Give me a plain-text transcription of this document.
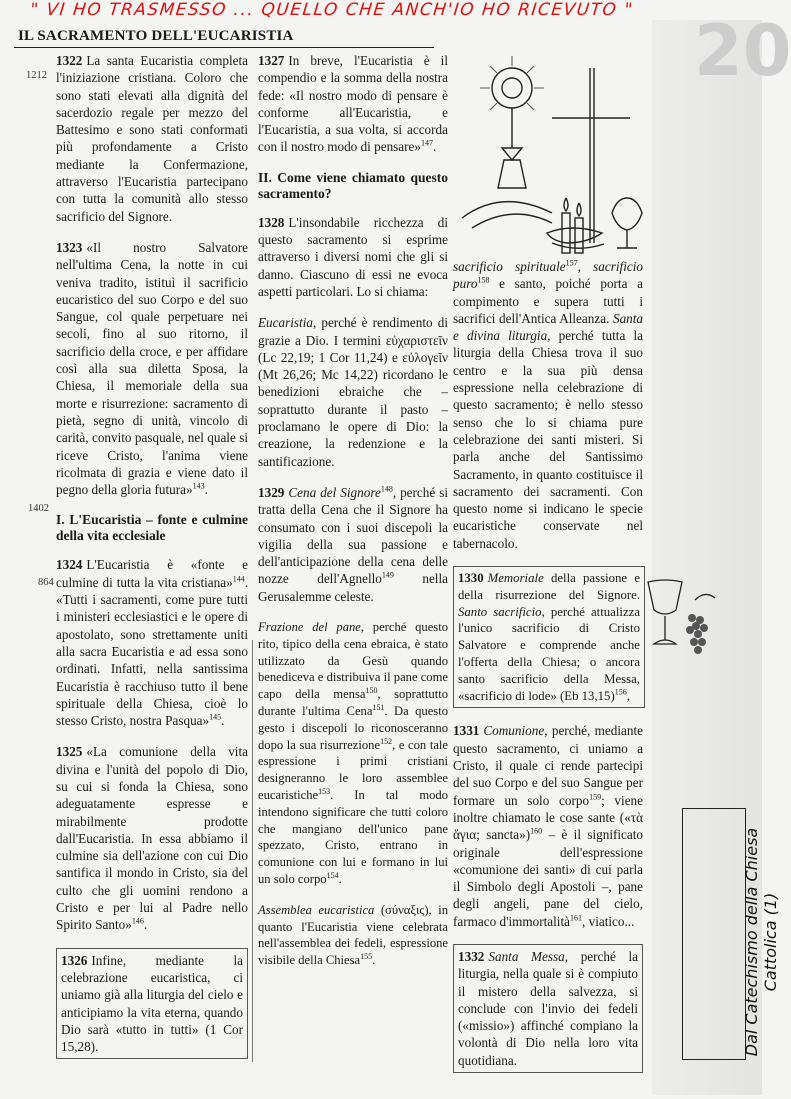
20
" VI HO TRASMESSO ... QUELLO CHE ANCH'IO HO RICEVUTO "
IL SACRAMENTO DELL'EUCARISTIA
1212
1402
864

1322 La santa Eucaristia completa l'iniziazione cristiana. Coloro che sono stati elevati alla dignità del sacerdozio regale per mezzo del Battesimo e sono stati conformati più profondamente a Cristo mediante la Confermazione, attraverso l'Eucaristia partecipano con tutta la comunità allo stesso sacrificio del Signore.

1323 «Il nostro Salvatore nell'ultima Cena, la notte in cui veniva tradito, istituì il sacrificio eucaristico del suo Corpo e del suo Sangue, col quale perpetuare nei secoli, fino al suo ritorno, il sacrificio della croce, e per affidare così alla sua diletta Sposa, la Chiesa, il memoriale della sua morte e risurrezione: sacramento di pietà, segno di unità, vincolo di carità, convito pasquale, nel quale si riceve Cristo, l'anima viene ricolmata di grazia e viene dato il pegno della gloria futura»$^{143}$.

I. L'Eucaristia – fonte e culmine della vita ecclesiale

1324 L'Eucaristia è «fonte e culmine di tutta la vita cristiana»$^{144}$. «Tutti i sacramenti, come pure tutti i ministeri ecclesiastici e le opere di apostolato, sono strettamente uniti alla sacra Eucaristia e ad essa sono ordinati. Infatti, nella santissima Eucaristia è racchiuso tutto il bene spirituale della Chiesa, cioè lo stesso Cristo, nostra Pasqua»$^{145}$.

1325 «La comunione della vita divina e l'unità del popolo di Dio, su cui si fonda la Chiesa, sono adeguatamente espresse e mirabilmente prodotte dall'Eucaristia. In essa abbiamo il culmine sia dell'azione con cui Dio santifica il mondo in Cristo, sia del culto che gli uomini rendono a Cristo e per lui al Padre nello Spirito Santo»$^{146}$.

1326 Infine, mediante la celebrazione eucaristica, ci uniamo già alla liturgia del cielo e anticipiamo la vita eterna, quando Dio sarà «tutto in tutti» (1 Cor 15,28).

1327 In breve, l'Eucaristia è il compendio e la somma della nostra fede: «Il nostro modo di pensare è conforme all'Eucaristia, e l'Eucaristia, a sua volta, si accorda con il nostro modo di pensare»$^{147}$.

II. Come viene chiamato questo sacramento?

1328 L'insondabile ricchezza di questo sacramento si esprime attraverso i diversi nomi che gli si danno. Ciascuno di essi ne evoca aspetti particolari. Lo si chiama:

Eucaristia, perché è rendimento di grazie a Dio. I termini εὐχαριστεῖν (Lc 22,19; 1 Cor 11,24) e εὐλογεῖν (Mt 26,26; Mc 14,22) ricordano le benedizioni ebraiche che – soprattutto durante il pasto – proclamano le opere di Dio: la creazione, la redenzione e la santificazione.

1329 Cena del Signore$^{148}$, perché si tratta della Cena che il Signore ha consumato con i suoi discepoli la vigilia della sua passione e dell'anticipazione della cena delle nozze dell'Agnello$^{149}$ nella Gerusalemme celeste.

Frazione del pane, perché questo rito, tipico della cena ebraica, è stato utilizzato da Gesù quando benediceva e distribuiva il pane come capo della mensa$^{150}$, soprattutto durante l'ultima Cena$^{151}$. Da questo gesto i discepoli lo riconosceranno dopo la sua risurrezione$^{152}$, e con tale espressione i primi cristiani designeranno le loro assemblee eucaristiche$^{153}$. In tal modo intendono significare che tutti coloro che mangiano dell'unico pane spezzato, Cristo, entrano in comunione con lui e formano in lui un solo corpo$^{154}$.

Assemblea eucaristica (σύναξις), in quanto l'Eucaristia viene celebrata nell'assemblea dei fedeli, espressione visibile della Chiesa$^{155}$.

sacrificio spirituale$^{157}$, sacrificio puro$^{158}$ e santo, poiché porta a compimento e supera tutti i sacrifici dell'Antica Alleanza. Santa e divina liturgia, perché tutta la liturgia della Chiesa trova il suo centro e la sua più densa espressione nella celebrazione di questo sacramento; è nello stesso senso che lo si chiama pure celebrazione dei santi misteri. Si parla anche del Santissimo Sacramento, in quanto costituisce il sacramento dei sacramenti. Con questo nome si indicano le specie eucaristiche conservate nel tabernacolo.

1330 Memoriale della passione e della risurrezione del Signore. Santo sacrificio, perché attualizza l'unico sacrificio di Cristo Salvatore e comprende anche l'offerta della Chiesa; o ancora santo sacrificio della Messa, «sacrificio di lode» (Eb 13,15)$^{156}$,

1331 Comunione, perché, mediante questo sacramento, ci uniamo a Cristo, il quale ci rende partecipi del suo Corpo e del suo Sangue per formare un solo corpo$^{159}$; viene inoltre chiamato le cose sante («τὰ ἅγια; sancta»)$^{160}$ – è il significato originale dell'espressione «comunione dei santi» di cui parla il Simbolo degli Apostoli –, pane degli angeli, pane del cielo, farmaco d'immortalità$^{161}$, viatico...

1332 Santa Messa, perché la liturgia, nella quale si è compiuto il mistero della salvezza, si conclude con l'invio dei fedeli («missio») affinché compiano la volontà di Dio nella loro vita quotidiana.

Dal Catechismo della Chiesa Cattolica (1)
